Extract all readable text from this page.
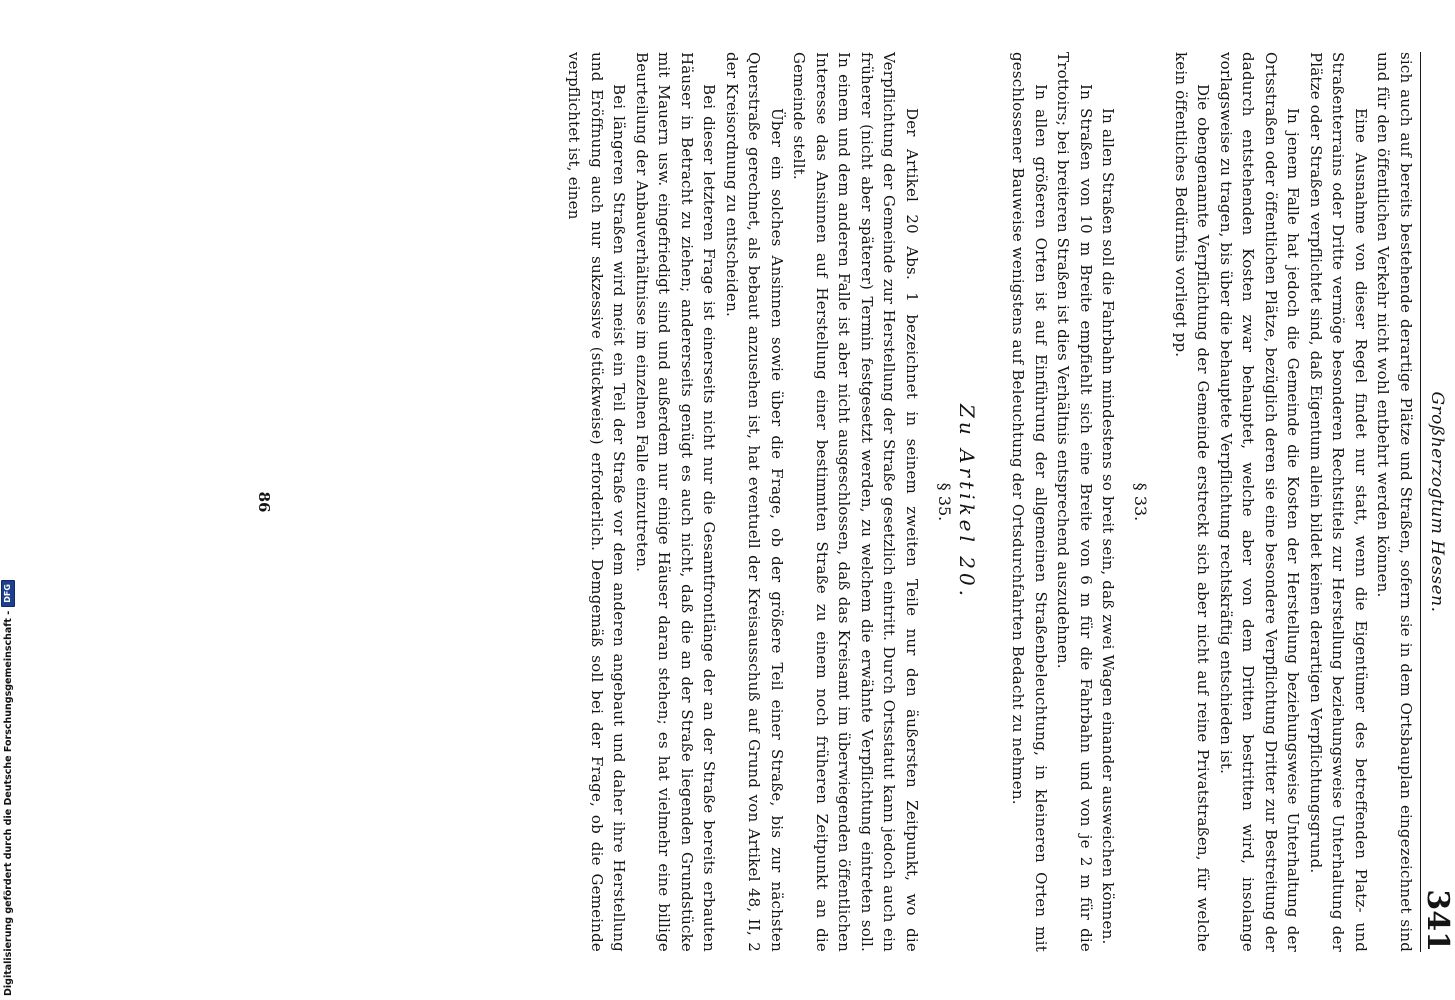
Digitalisierung gefördert durch die Deutsche Forschungsgemeinschaft -
DFG	Großherzogtum Hessen.
341

sich auch auf bereits bestehende derartige Plätze und Straßen, sofern sie in dem Ortsbauplan eingezeichnet sind und für den öffentlichen Verkehr nicht wohl entbehrt werden können.

Eine Ausnahme von dieser Regel findet nur statt, wenn die Eigentümer des betreffenden Platz- und Straßenterrains oder Dritte vermöge besonderen Rechtstitels zur Herstellung beziehungsweise Unterhaltung der Plätze oder Straßen verpflichtet sind, daß Eigentum allein bildet keinen derartigen Verpflichtungsgrund.

In jenem Falle hat jedoch die Gemeinde die Kosten der Herstellung beziehungsweise Unterhaltung der Ortsstraßen oder öffentlichen Plätze, bezüglich deren sie eine besondere Verpflichtung Dritter zur Bestreitung der dadurch entstehenden Kosten zwar behauptet, welche aber von dem Dritten bestritten wird, insolange vorlagsweise zu tragen, bis über die behauptete Verpflichtung rechtskräftig entschieden ist.

Die obengenannte Verpflichtung der Gemeinde erstreckt sich aber nicht auf reine Privatstraßen, für welche kein öffentliches Bedürfnis vorliegt pp.

§ 33.

In allen Straßen soll die Fahrbahn mindestens so breit sein, daß zwei Wagen einander ausweichen können.

In Straßen von 10 m Breite empfiehlt sich eine Breite von 6 m für die Fahrbahn und von je 2 m für die Trottoirs; bei breiteren Straßen ist dies Verhältnis entsprechend auszudehnen.

In allen größeren Orten ist auf Einführung der allgemeinen Straßenbeleuchtung, in kleineren Orten mit geschlossener Bauweise wenigstens auf Beleuchtung der Ortsdurchfahrten Bedacht zu nehmen.

Zu Artikel 20.

§ 35.

Der Artikel 20 Abs. 1 bezeichnet in seinem zweiten Teile nur den äußersten Zeitpunkt, wo die Verpflichtung der Gemeinde zur Herstellung der Straße gesetzlich eintritt. Durch Ortsstatut kann jedoch auch ein früherer (nicht aber späterer) Termin festgesetzt werden, zu welchem die erwähnte Verpflichtung eintreten soll. In einem und dem anderen Falle ist aber nicht ausgeschlossen, daß das Kreisamt im überwiegenden öffentlichen Interesse das Ansinnen auf Herstellung einer bestimmten Straße zu einem noch früheren Zeitpunkt an die Gemeinde stellt.

Über ein solches Ansinnen sowie über die Frage, ob der größere Teil einer Straße, bis zur nächsten Querstraße gerechnet, als bebaut anzusehen ist, hat eventuell der Kreisausschuß auf Grund von Artikel 48, II, 2 der Kreisordnung zu entscheiden.

Bei dieser letzteren Frage ist einerseits nicht nur die Gesamtfrontlänge der an der Straße bereits erbauten Häuser in Betracht zu ziehen; andererseits genügt es auch nicht, daß die an der Straße liegenden Grundstücke mit Mauern usw. eingefriedigt sind und außerdem nur einige Häuser daran stehen; es hat vielmehr eine billige Beurteilung der Anbauverhältnisse im einzelnen Falle einzutreten.

Bei längeren Straßen wird meist ein Teil der Straße vor dem anderen angebaut und daher ihre Herstellung und Eröffnung auch nur sukzessive (stückweise) erforderlich. Demgemäß soll bei der Frage, ob die Gemeinde verpflichtet ist, einen

86
